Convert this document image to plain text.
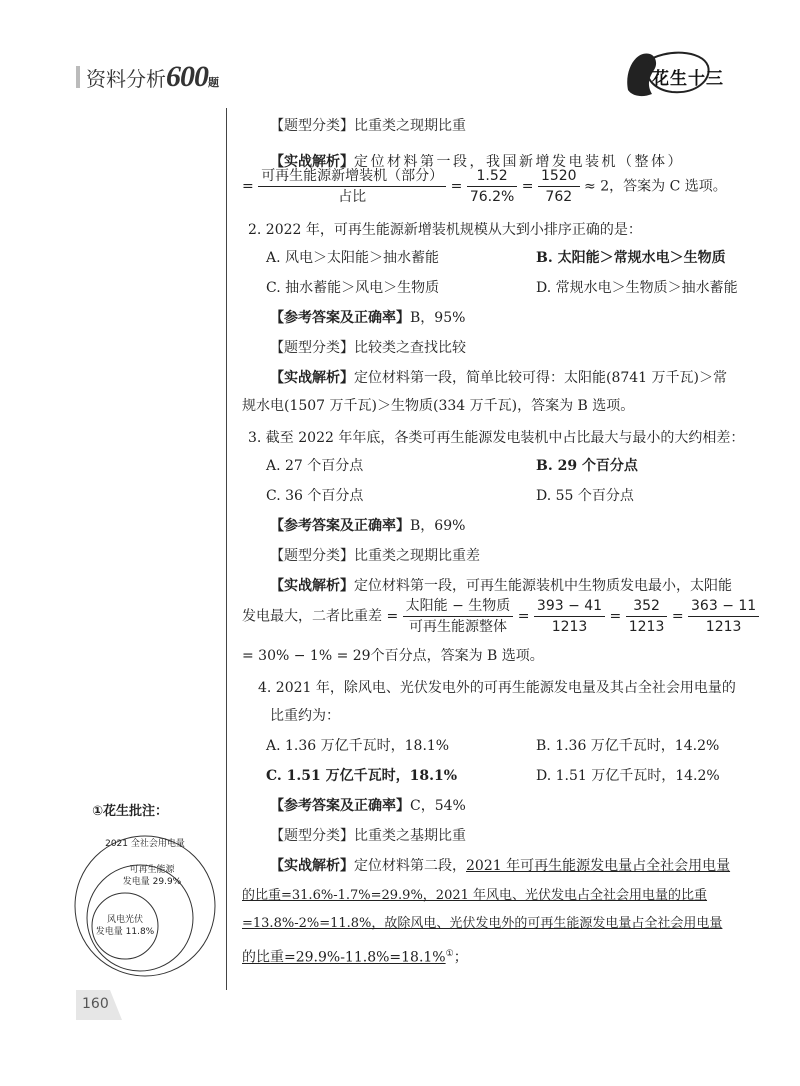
资料分析600题	花生十三
【题型分类】比重类之现期比重
【实战解析】定位材料第一段，我国新增发电装机（整体）
= $\frac{\text{可再生能源新增装机（部分）}}{\text{占比}} = \frac{1.52}{76.2\%} = \frac{1520}{762} \approx 2$，答案为 C 选项。
2. 2022 年，可再生能源新增装机规模从大到小排序正确的是：
A. 风电＞太阳能＞抽水蓄能	B. 太阳能＞常规水电＞生物质
C. 抽水蓄能＞风电＞生物质	D. 常规水电＞生物质＞抽水蓄能
【参考答案及正确率】B，95%
【题型分类】比较类之查找比较
【实战解析】定位材料第一段，简单比较可得：太阳能(8741 万千瓦)＞常
规水电(1507 万千瓦)＞生物质(334 万千瓦)，答案为 B 选项。
3. 截至 2022 年年底，各类可再生能源发电装机中占比最大与最小的大约相差：
A. 27 个百分点	B. 29 个百分点
C. 36 个百分点	D. 55 个百分点
【参考答案及正确率】B，69%
【题型分类】比重类之现期比重差
【实战解析】定位材料第一段，可再生能源装机中生物质发电最小，太阳能
发电最大，二者比重差 = $\frac{\text{太阳能 − 生物质}}{\text{可再生能源整体}} = \frac{393 - 41}{1213} = \frac{352}{1213} = \frac{363 - 11}{1213}$
= 30% − 1% = 29个百分点，答案为 B 选项。
4. 2021 年，除风电、光伏发电外的可再生能源发电量及其占全社会用电量的
比重约为：
A. 1.36 万亿千瓦时，18.1%	B. 1.36 万亿千瓦时，14.2%
C. 1.51 万亿千瓦时，18.1%	D. 1.51 万亿千瓦时，14.2%
【参考答案及正确率】C，54%
【题型分类】比重类之基期比重
【实战解析】定位材料第二段，2021 年可再生能源发电量占全社会用电量
的比重=31.6%-1.7%=29.9%，2021 年风电、光伏发电占全社会用电量的比重
=13.8%-2%=11.8%，故除风电、光伏发电外的可再生能源发电量占全社会用电量
的比重=29.9%-11.8%=18.1%①；
①花生批注：
2021 全社会用电量
可再生能源
发电量 29.9%
风电光伏
发电量 11.8%
160
